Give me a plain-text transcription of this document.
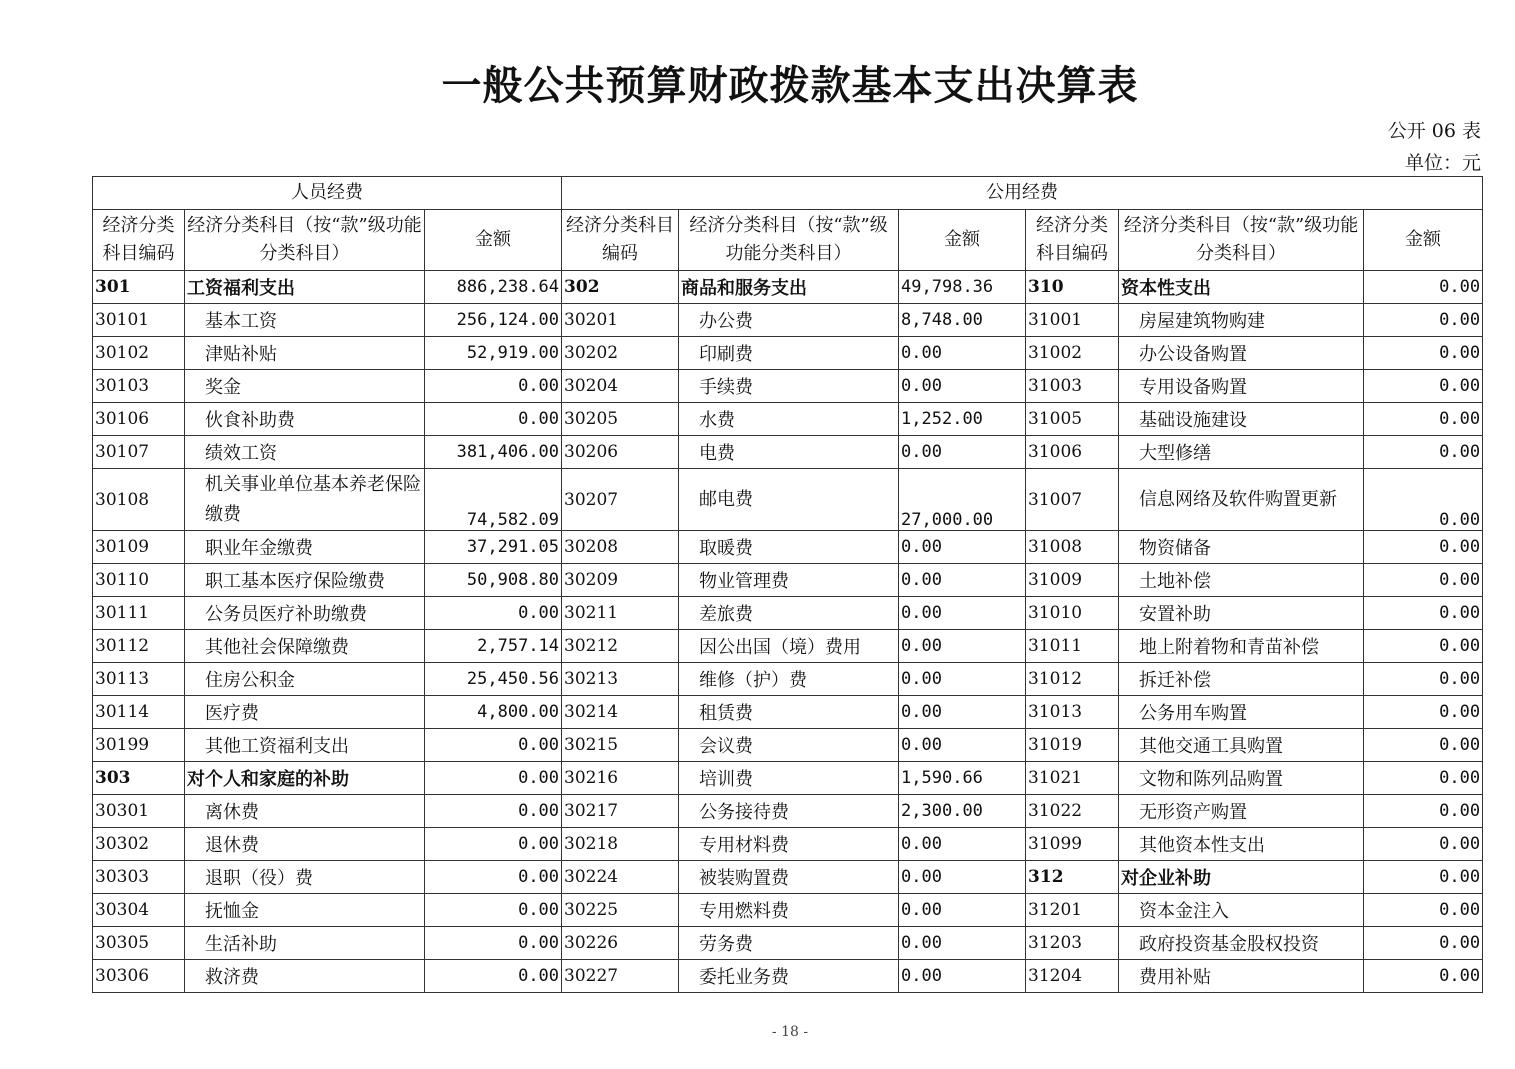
一般公共预算财政拨款基本支出决算表
公开 06 表
单位：元
人员经费			公用经费					
经济分类科目编码	经济分类科目（按“款”级功能分类科目）	金额	经济分类科目编码	经济分类科目（按“款”级功能分类科目）	金额	经济分类科目编码	经济分类科目（按“款”级功能分类科目）	金额
301	工资福利支出	886,238.64	302	商品和服务支出	49,798.36	310	资本性支出	0.00
30101	基本工资	256,124.00	30201	办公费	8,748.00	31001	房屋建筑物购建	0.00
30102	津贴补贴	52,919.00	30202	印刷费	0.00	31002	办公设备购置	0.00
30103	奖金	0.00	30204	手续费	0.00	31003	专用设备购置	0.00
30106	伙食补助费	0.00	30205	水费	1,252.00	31005	基础设施建设	0.00
30107	绩效工资	381,406.00	30206	电费	0.00	31006	大型修缮	0.00
30108	机关事业单位基本养老保险缴费	74,582.09	30207	邮电费	27,000.00	31007	信息网络及软件购置更新	0.00
30109	职业年金缴费	37,291.05	30208	取暖费	0.00	31008	物资储备	0.00
30110	职工基本医疗保险缴费	50,908.80	30209	物业管理费	0.00	31009	土地补偿	0.00
30111	公务员医疗补助缴费	0.00	30211	差旅费	0.00	31010	安置补助	0.00
30112	其他社会保障缴费	2,757.14	30212	因公出国（境）费用	0.00	31011	地上附着物和青苗补偿	0.00
30113	住房公积金	25,450.56	30213	维修（护）费	0.00	31012	拆迁补偿	0.00
30114	医疗费	4,800.00	30214	租赁费	0.00	31013	公务用车购置	0.00
30199	其他工资福利支出	0.00	30215	会议费	0.00	31019	其他交通工具购置	0.00
303	对个人和家庭的补助	0.00	30216	培训费	1,590.66	31021	文物和陈列品购置	0.00
30301	离休费	0.00	30217	公务接待费	2,300.00	31022	无形资产购置	0.00
30302	退休费	0.00	30218	专用材料费	0.00	31099	其他资本性支出	0.00
30303	退职（役）费	0.00	30224	被装购置费	0.00	312	对企业补助	0.00
30304	抚恤金	0.00	30225	专用燃料费	0.00	31201	资本金注入	0.00
30305	生活补助	0.00	30226	劳务费	0.00	31203	政府投资基金股权投资	0.00
30306	救济费	0.00	30227	委托业务费	0.00	31204	费用补贴	0.00
- 18 -
